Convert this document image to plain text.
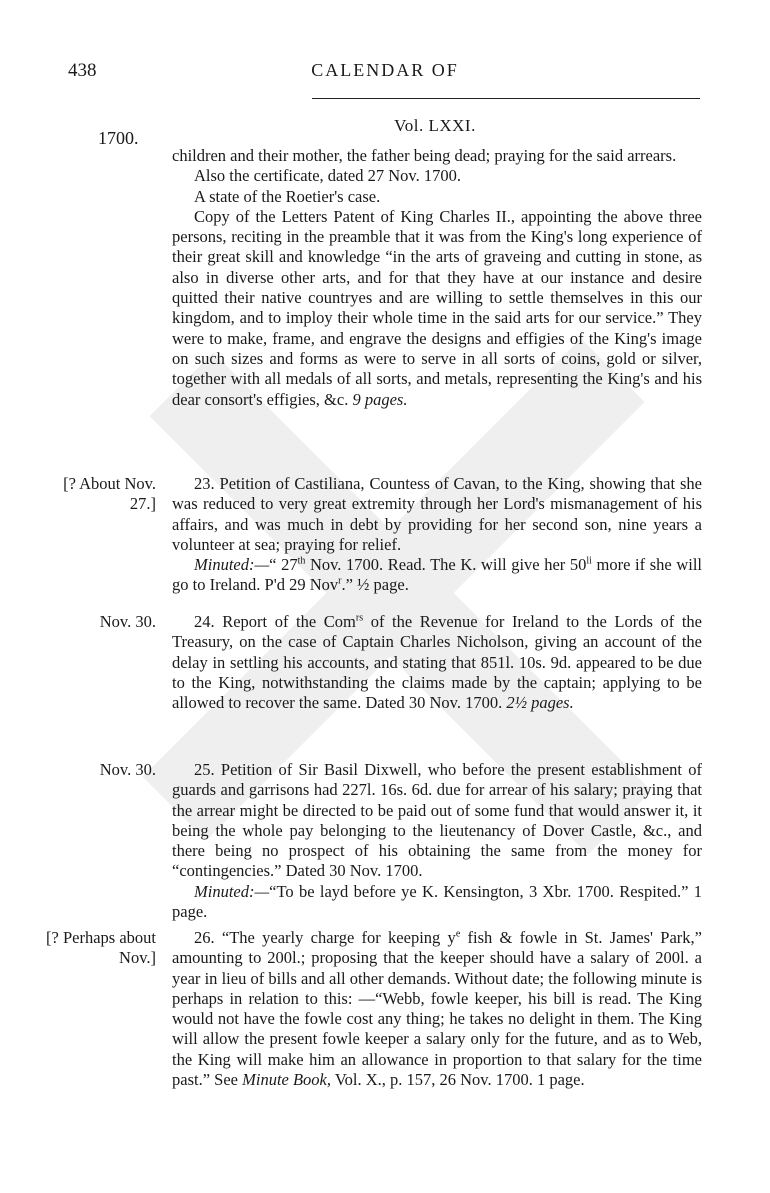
438	CALENDAR OF
1700.
Vol. LXXI.

children and their mother, the father being dead; praying for the said arrears.

Also the certificate, dated 27 Nov. 1700.

A state of the Roetier's case.

Copy of the Letters Patent of King Charles II., appointing the above three persons, reciting in the preamble that it was from the King's long experience of their great skill and knowledge “in the arts of graveing and cutting in stone, as also in diverse other arts, and for that they have at our instance and desire quitted their native countryes and are willing to settle themselves in this our kingdom, and to imploy their whole time in the said arts for our service.” They were to make, frame, and engrave the designs and effigies of the King's image on such sizes and forms as were to serve in all sorts of coins, gold or silver, together with all medals of all sorts, and metals, representing the King's and his dear consort's effigies, &c. 9 pages.

[? About Nov. 27.]

23. Petition of Castiliana, Countess of Cavan, to the King, showing that she was reduced to very great extremity through her Lord's mismanagement of his affairs, and was much in debt by providing for her second son, nine years a volunteer at sea; praying for relief.

Minuted:—“ 27th Nov. 1700. Read. The K. will give her $50^{li}$ more if she will go to Ireland. P'd 29 Nov$^r$.” ½ page.

Nov. 30.	24. Report of the Com$^{rs}$ of the Revenue for Ireland to the Lords of the Treasury, on the case of Captain Charles Nicholson, giving an account of the delay in settling his accounts, and stating that 851l. 10s. 9d. appeared to be due to the King, notwithstanding the claims made by the captain; applying to be allowed to recover the same. Dated 30 Nov. 1700. 2½ pages.

Nov. 30.	25. Petition of Sir Basil Dixwell, who before the present establishment of guards and garrisons had 227l. 16s. 6d. due for arrear of his salary; praying that the arrear might be directed to be paid out of some fund that would answer it, it being the whole pay belonging to the lieutenancy of Dover Castle, &c., and there being no prospect of his obtaining the same from the money for “contingencies.” Dated 30 Nov. 1700.

Minuted:—“To be layd before ye K. Kensington, 3 Xbr. 1700. Respited.” 1 page.

[? Perhaps about Nov.]

26. “The yearly charge for keeping $y^e$ fish & fowle in St. James' Park,” amounting to 200l.; proposing that the keeper should have a salary of 200l. a year in lieu of bills and all other demands. Without date; the following minute is perhaps in relation to this: —“Webb, fowle keeper, his bill is read. The King would not have the fowle cost any thing; he takes no delight in them. The King will allow the present fowle keeper a salary only for the future, and as to Web, the King will make him an allowance in proportion to that salary for the time past.” See Minute Book, Vol. X., p. 157, 26 Nov. 1700. 1 page.
